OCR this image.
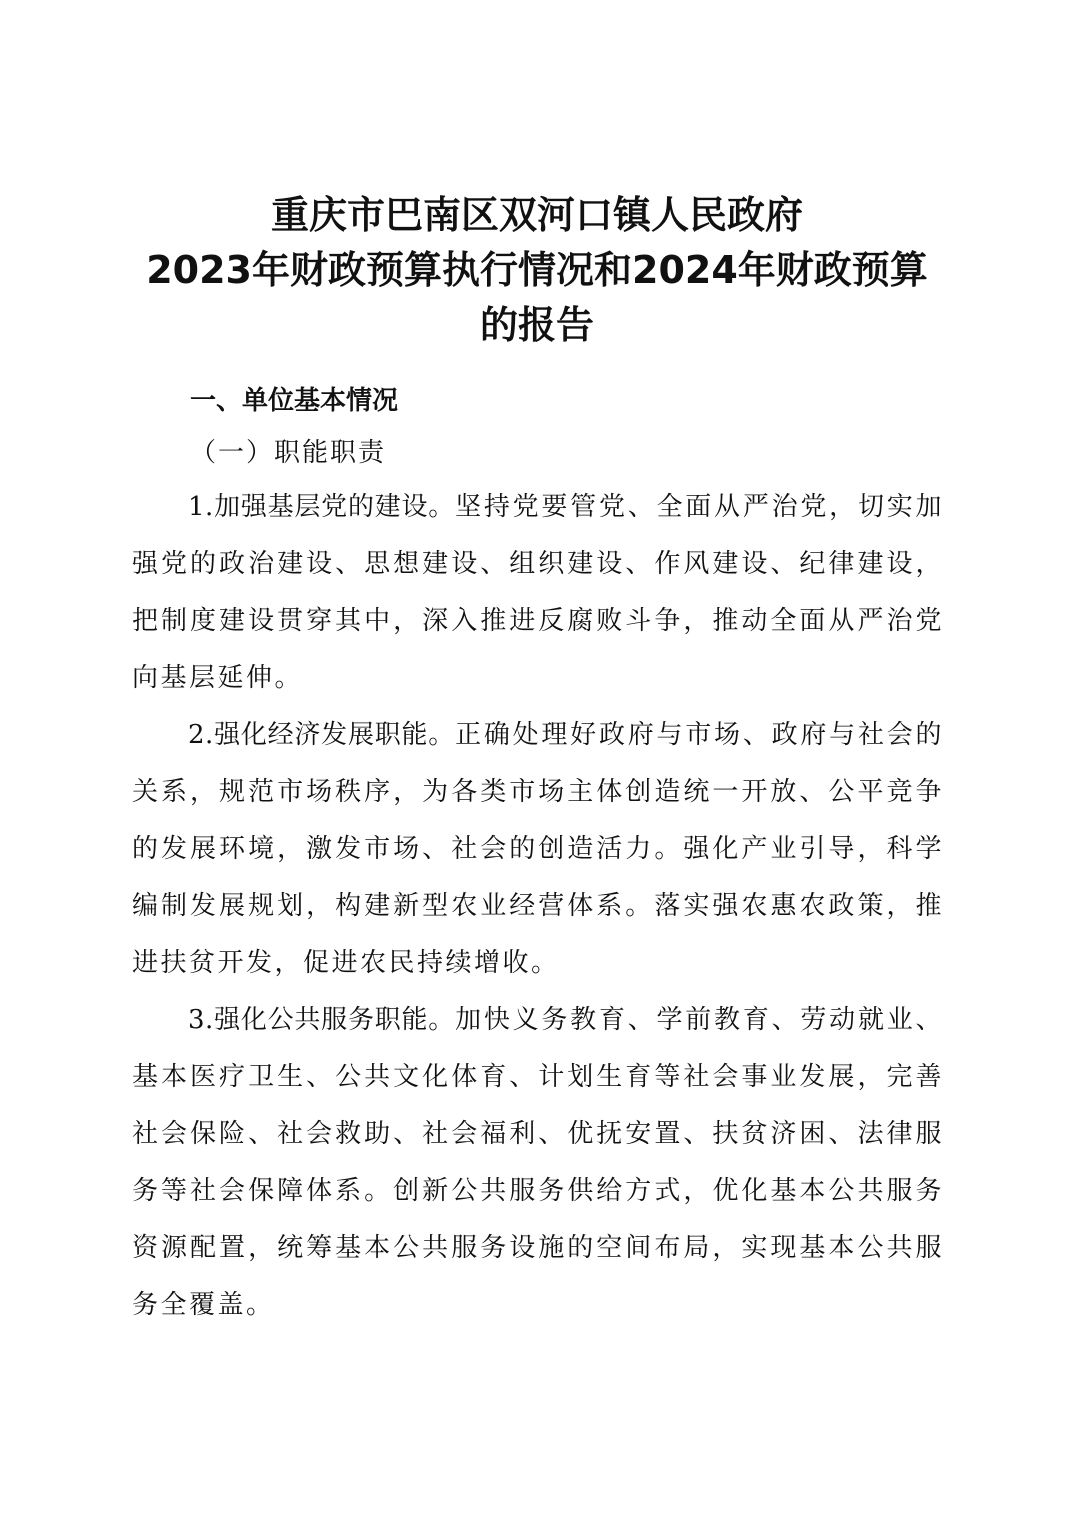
重庆市巴南区双河口镇人民政府
2023年财政预算执行情况和2024年财政预算
的报告
一、单位基本情况
（一）职能职责

1.加强基层党的建设。坚持党要管党、全面从严治党，切实加强党的政治建设、思想建设、组织建设、作风建设、纪律建设，把制度建设贯穿其中，深入推进反腐败斗争，推动全面从严治党向基层延伸。

2.强化经济发展职能。正确处理好政府与市场、政府与社会的关系，规范市场秩序，为各类市场主体创造统一开放、公平竞争的发展环境，激发市场、社会的创造活力。强化产业引导，科学编制发展规划，构建新型农业经营体系。落实强农惠农政策，推进扶贫开发，促进农民持续增收。

3.强化公共服务职能。加快义务教育、学前教育、劳动就业、基本医疗卫生、公共文化体育、计划生育等社会事业发展，完善社会保险、社会救助、社会福利、优抚安置、扶贫济困、法律服务等社会保障体系。创新公共服务供给方式，优化基本公共服务资源配置，统筹基本公共服务设施的空间布局，实现基本公共服务全覆盖。
